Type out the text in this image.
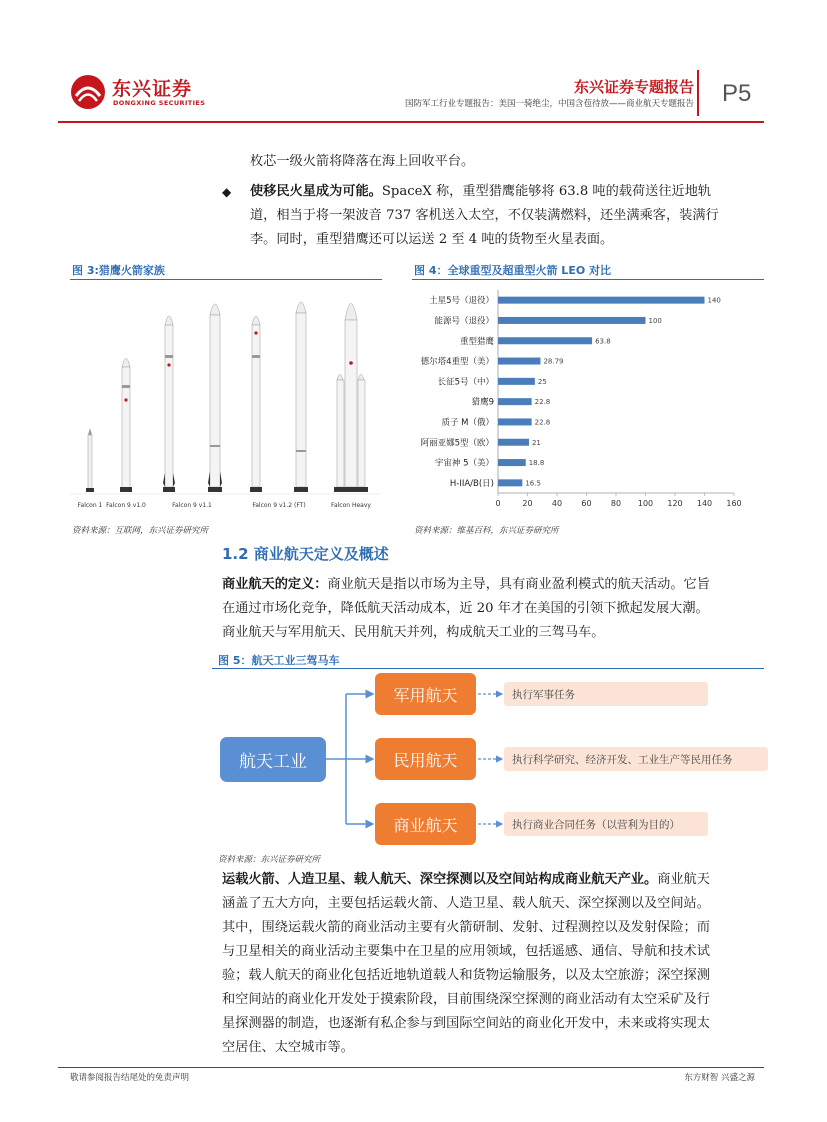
东兴证券
DONGXING SECURITIES
东兴证券专题报告
国防军工行业专题报告：美国一骑绝尘，中国含苞待放——商业航天专题报告 P5
枚芯一级火箭将降落在海上回收平台。
◆ 使移民火星成为可能。SpaceX 称，重型猎鹰能够将 63.8 吨的载荷送往近地轨
道，相当于将一架波音 737 客机送入太空，不仅装满燃料，还坐满乘客，装满行
李。同时，重型猎鹰还可以运送 2 至 4 吨的货物至火星表面。
图 3:猎鹰火箭家族
Falcon 1 Falcon 9 v1.0	Falcon 9 v1.1	Falcon 9 v1.2 (FT)	Falcon Heavy
资料来源：互联网，东兴证券研究所
图 4：全球重型及超重型火箭 LEO 对比
土星5号（退役）	140
能源号（退役）	100
重型猎鹰	63.8
德尔塔4重型（美）	28.79
长征5号（中）	25
猎鹰9	22.8
质子 M（俄）	22.8
阿丽亚娜5型（欧）	21
宇宙神 5（美）	18.8
H-IIA/B(日)	16.5
0	20 40 60 80 100 120 140 160
资料来源：维基百科，东兴证券研究所
1.2 商业航天定义及概述
商业航天的定义：商业航天是指以市场为主导，具有商业盈利模式的航天活动。它旨
在通过市场化竞争，降低航天活动成本，近 20 年才在美国的引领下掀起发展大潮。
商业航天与军用航天、民用航天并列，构成航天工业的三驾马车。
图 5：航天工业三驾马车
航天工业
军用航天
民用航天
商业航天
执行军事任务
执行科学研究、经济开发、工业生产等民用任务
执行商业合同任务（以营利为目的）
资料来源：东兴证券研究所
运载火箭、人造卫星、载人航天、深空探测以及空间站构成商业航天产业。商业航天
涵盖了五大方向，主要包括运载火箭、人造卫星、载人航天、深空探测以及空间站。
其中，围绕运载火箭的商业活动主要有火箭研制、发射、过程测控以及发射保险；而
与卫星相关的商业活动主要集中在卫星的应用领域，包括遥感、通信、导航和技术试
验；载人航天的商业化包括近地轨道载人和货物运输服务，以及太空旅游；深空探测
和空间站的商业化开发处于摸索阶段，目前围绕深空探测的商业活动有太空采矿及行
星探测器的制造，也逐渐有私企参与到国际空间站的商业化开发中，未来或将实现太
空居住、太空城市等。
敬请参阅报告结尾处的免责声明	东方财智 兴盛之源
